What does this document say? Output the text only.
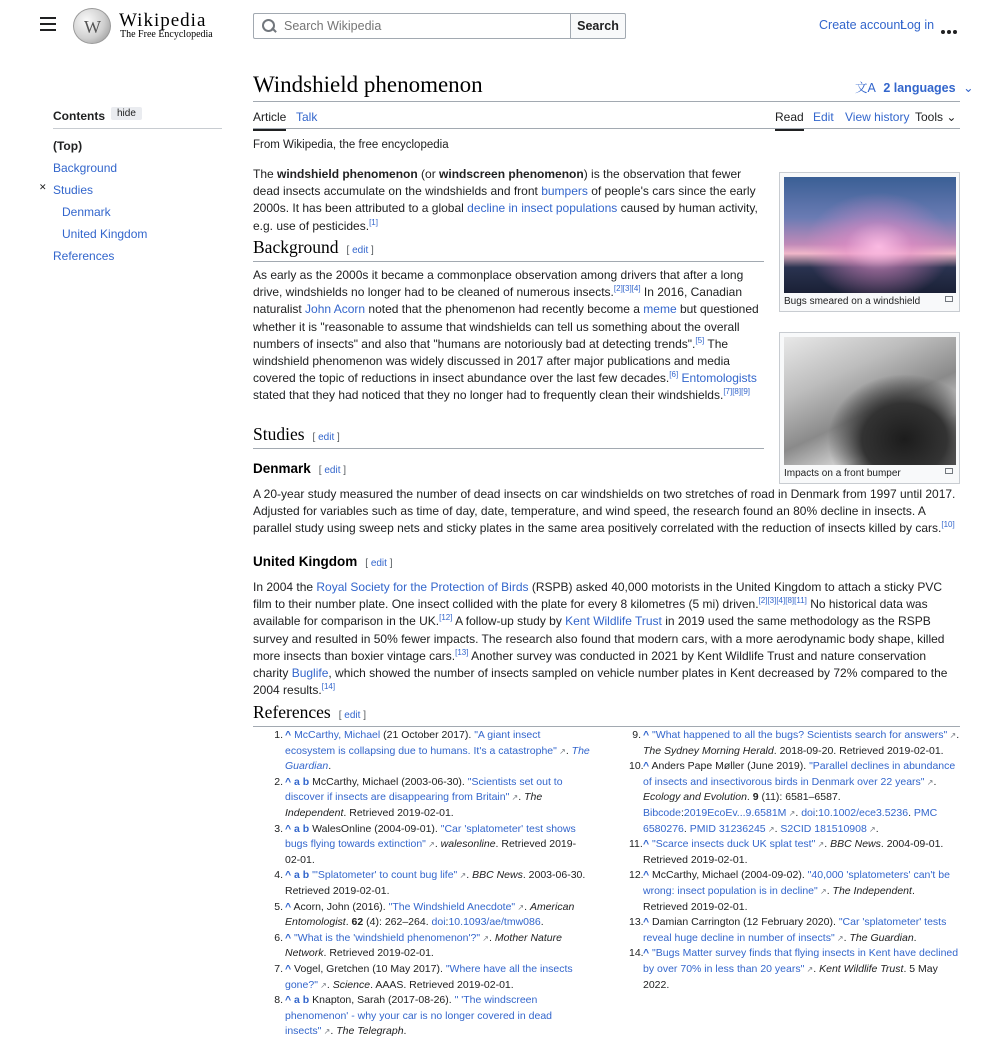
W
Wikipedia
The Free Encyclopedia
Search Wikipedia
Search	Create account
Log in
Contents	hide
(Top)
Background
✕ Studies
Denmark
United Kingdom
References
Windshield phenomenon	文A 2 languages ⌄
Article Talk	Read Edit View history Tools ⌄
From Wikipedia, the free encyclopedia
Bugs smeared on a windshield
Impacts on a front bumper

The windshield phenomenon (or windscreen phenomenon) is the observation that fewer dead insects accumulate on the windshields and front bumpers of people's cars since the early 2000s. It has been attributed to a global decline in insect populations caused by human activity, e.g. use of pesticides.[1]

Background [ edit ]

As early as the 2000s it became a commonplace observation among drivers that after a long drive, windshields no longer had to be cleaned of numerous insects.[2][3][4] In 2016, Canadian naturalist John Acorn noted that the phenomenon had recently become a meme but questioned whether it is "reasonable to assume that windshields can tell us something about the overall numbers of insects" and also that "humans are notoriously bad at detecting trends".[5] The windshield phenomenon was widely discussed in 2017 after major publications and media covered the topic of reductions in insect abundance over the last few decades.[6] Entomologists stated that they had noticed that they no longer had to frequently clean their windshields.[7][8][9]

Studies [ edit ]
Denmark [ edit ]

A 20-year study measured the number of dead insects on car windshields on two stretches of road in Denmark from 1997 until 2017. Adjusted for variables such as time of day, date, temperature, and wind speed, the research found an 80% decline in insects. A parallel study using sweep nets and sticky plates in the same area positively correlated with the reduction of insects killed by cars.[10]

United Kingdom [ edit ]

In 2004 the Royal Society for the Protection of Birds (RSPB) asked 40,000 motorists in the United Kingdom to attach a sticky PVC film to their number plate. One insect collided with the plate for every 8 kilometres (5 mi) driven.[2][3][4][8][11] No historical data was available for comparison in the UK.[12] A follow-up study by Kent Wildlife Trust in 2019 used the same methodology as the RSPB survey and resulted in 50% fewer impacts. The research also found that modern cars, with a more aerodynamic body shape, killed more insects than boxier vintage cars.[13] Another survey was conducted in 2021 by Kent Wildlife Trust and nature conservation charity Buglife, which showed the number of insects sampled on vehicle number plates in Kent decreased by 72% compared to the 2004 results.[14]

References [ edit ]
1. ^ McCarthy, Michael (21 October 2017). "A giant insect ecosystem is collapsing due to humans. It's a catastrophe" ↗ . The Guardian.
2. ^ a b McCarthy, Michael (2003-06-30). "Scientists set out to discover if insects are disappearing from Britain" ↗ . The Independent. Retrieved 2019-02-01.
3. ^ a b WalesOnline (2004-09-01). "Car 'splatometer' test shows bugs flying towards extinction" ↗ . walesonline. Retrieved 2019-02-01.
4. ^ a b "'Splatometer' to count bug life" ↗ . BBC News. 2003-06-30. Retrieved 2019-02-01.
5. ^ Acorn, John (2016). "The Windshield Anecdote" ↗ . American Entomologist. 62 (4): 262–264. doi:10.1093/ae/tmw086.
6. ^ "What is the 'windshield phenomenon'?" ↗ . Mother Nature Network. Retrieved 2019-02-01.
7. ^ Vogel, Gretchen (10 May 2017). "Where have all the insects gone?" ↗ . Science. AAAS. Retrieved 2019-02-01.
8. ^ a b Knapton, Sarah (2017-08-26). " 'The windscreen phenomenon' - why your car is no longer covered in dead insects" ↗ . The Telegraph.
9. ^ "What happened to all the bugs? Scientists search for answers" ↗ . The Sydney Morning Herald. 2018-09-20. Retrieved 2019-02-01.
10. ^ Anders Pape Møller (June 2019). "Parallel declines in abundance of insects and insectivorous birds in Denmark over 22 years" ↗ . Ecology and Evolution. 9 (11): 6581–6587. Bibcode:2019EcoEv...9.6581M ↗ . doi:10.1002/ece3.5236. PMC 6580276. PMID 31236245 ↗ . S2CID 181510908 ↗ .
11. ^ "Scarce insects duck UK splat test" ↗ . BBC News. 2004-09-01. Retrieved 2019-02-01.
12. ^ McCarthy, Michael (2004-09-02). "40,000 'splatometers' can't be wrong: insect population is in decline" ↗ . The Independent. Retrieved 2019-02-01.
13. ^ Damian Carrington (12 February 2020). "Car 'splatometer' tests reveal huge decline in number of insects" ↗ . The Guardian.
14. ^ "Bugs Matter survey finds that flying insects in Kent have declined by over 70% in less than 20 years" ↗ . Kent Wildlife Trust. 5 May 2022.
